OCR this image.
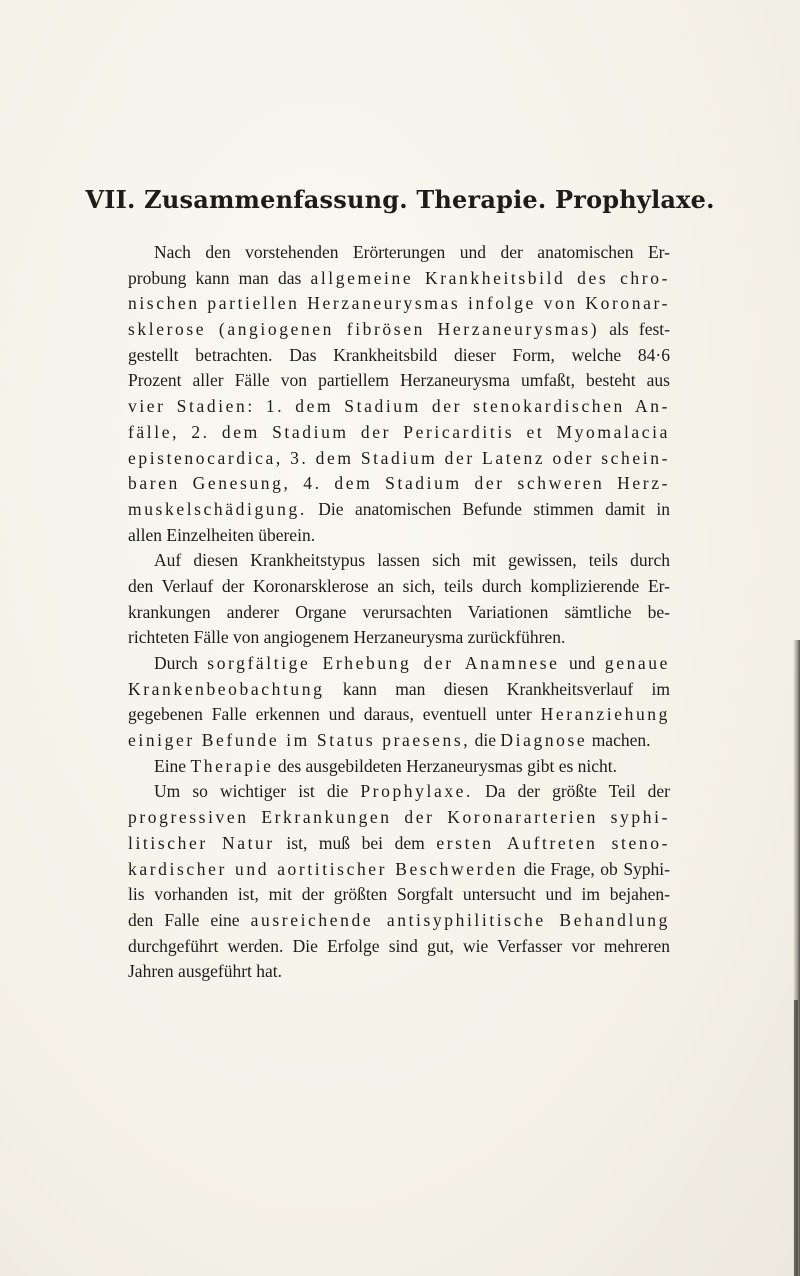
VII. Zusammenfassung. Therapie. Prophylaxe.
Nach den vorstehenden Erörterungen und der anatomischen Er-
probung kann man das allgemeine Krankheitsbild des chro-
nischen partiellen Herzaneurysmas infolge von Koronar-
sklerose (angiogenen fibrösen Herzaneurysmas) als fest-
gestellt betrachten. Das Krankheitsbild dieser Form, welche 84·6
Prozent aller Fälle von partiellem Herzaneurysma umfaßt, besteht aus
vier Stadien: 1. dem Stadium der stenokardischen An-
fälle, 2. dem Stadium der Pericarditis et Myomalacia
epistenocardica, 3. dem Stadium der Latenz oder schein-
baren Genesung, 4. dem Stadium der schweren Herz-
muskelschädigung. Die anatomischen Befunde stimmen damit in
allen Einzelheiten überein.
Auf diesen Krankheitstypus lassen sich mit gewissen, teils durch
den Verlauf der Koronarsklerose an sich, teils durch komplizierende Er-
krankungen anderer Organe verursachten Variationen sämtliche be-
richteten Fälle von angiogenem Herzaneurysma zurückführen.
Durch sorgfältige Erhebung der Anamnese und genaue
Krankenbeobachtung kann man diesen Krankheitsverlauf im
gegebenen Falle erkennen und daraus, eventuell unter Heranziehung
einiger Befunde im Status praesens, die Diagnose machen.
Eine Therapie des ausgebildeten Herzaneurysmas gibt es nicht.
Um so wichtiger ist die Prophylaxe. Da der größte Teil der
progressiven Erkrankungen der Koronararterien syphi-
litischer Natur ist, muß bei dem ersten Auftreten steno-
kardischer und aortitischer Beschwerden die Frage, ob Syphi-
lis vorhanden ist, mit der größten Sorgfalt untersucht und im bejahen-
den Falle eine ausreichende antisyphilitische Behandlung
durchgeführt werden. Die Erfolge sind gut, wie Verfasser vor mehreren
Jahren ausgeführt hat.
